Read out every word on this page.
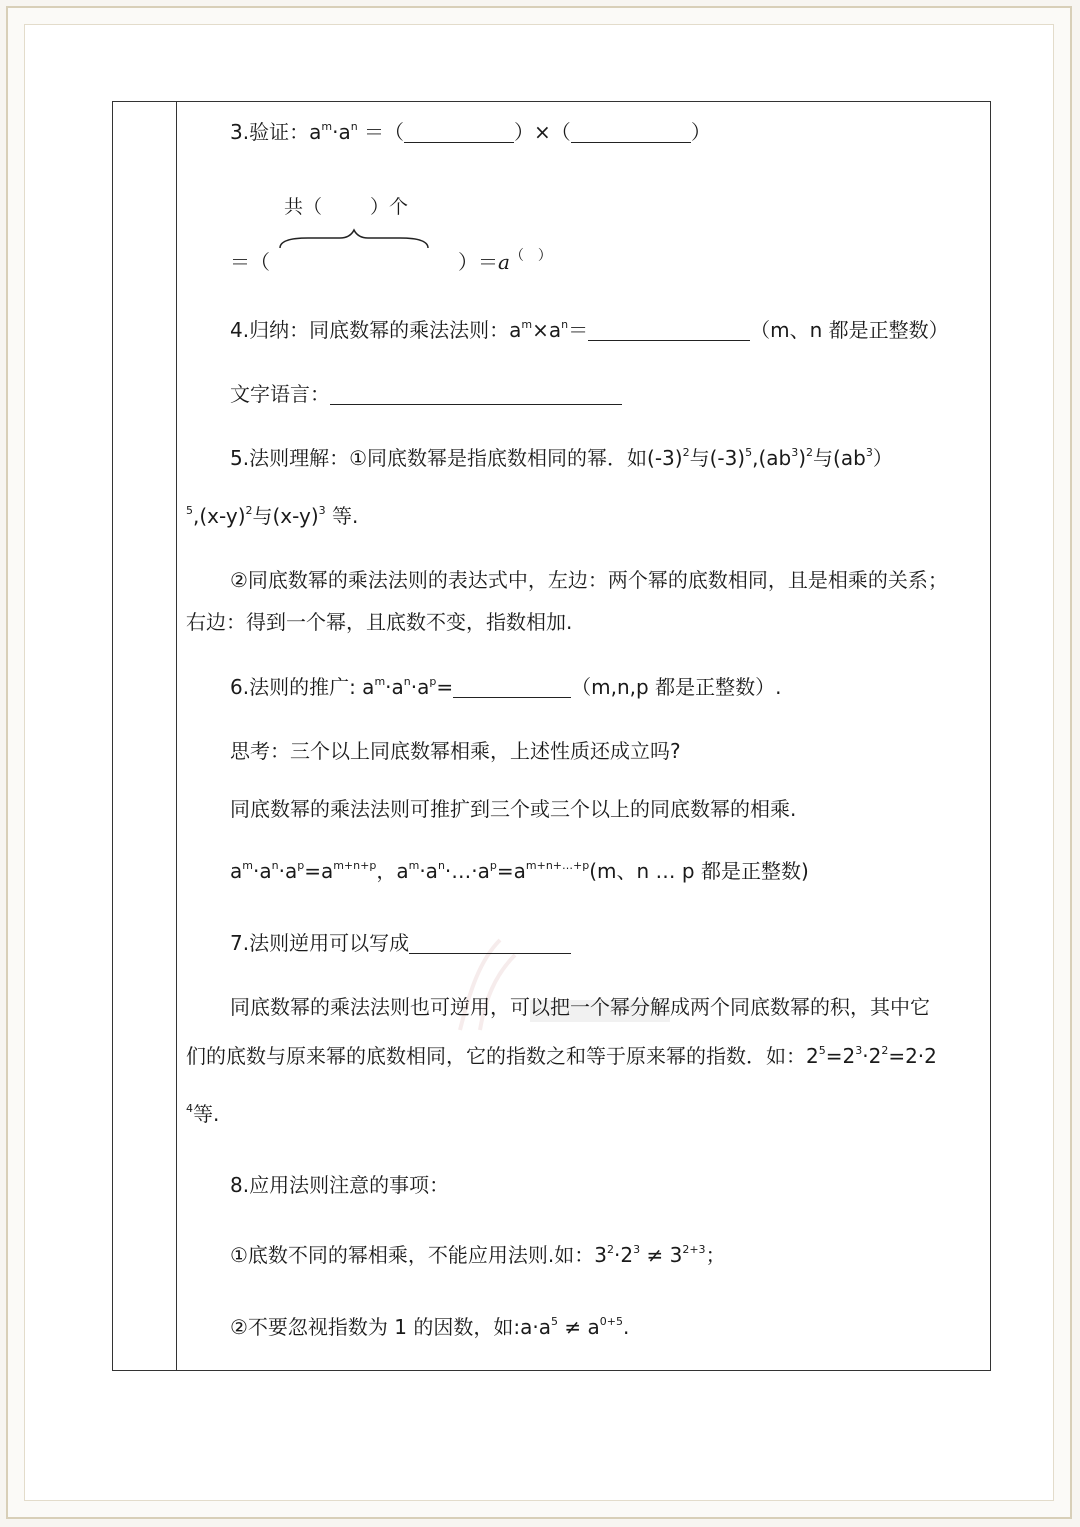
3.验证：$a^m\cdot a^n$ ＝（	）×（	）
共（	）个
＝（	）＝a（　）
4.归纳：同底数幂的乘法法则：$a^m\times a^n=$	（m、n 都是正整数）
文字语言：
5.法则理解：①同底数幂是指底数相同的幂．如$(-3)^2$与$(-3)^5,(ab^3)^2$与$(ab^3)$
$^5,(x-y)^2$与$(x-y)^3$ 等.
②同底数幂的乘法法则的表达式中，左边：两个幂的底数相同，且是相乘的关系；
右边：得到一个幂，且底数不变，指数相加.
6.法则的推广: $a^m\cdot a^n\cdot a^p=$	（m,n,p 都是正整数）.
思考：三个以上同底数幂相乘，上述性质还成立吗?
同底数幂的乘法法则可推扩到三个或三个以上的同底数幂的相乘.
$a^m\cdot a^n\cdot a^p=a^{m+n+p}$，$a^m\cdot a^n\cdot\dots\cdot a^p=a^{m+n+\dots+p}(m$、n … p 都是正整数)
7.法则逆用可以写成
同底数幂的乘法法则也可逆用，可以把一个幂分解成两个同底数幂的积，其中它
们的底数与原来幂的底数相同，它的指数之和等于原来幂的指数．如：$2^5=2^3\cdot 2^2=2\cdot 2$
$^4$等.
8.应用法则注意的事项：
①底数不同的幂相乘，不能应用法则.如：$3^2\cdot 2^3 \ne 3^{2+3}$；
②不要忽视指数为 1 的因数，如$:a\cdot a^5 \ne a^{0+5}$.
